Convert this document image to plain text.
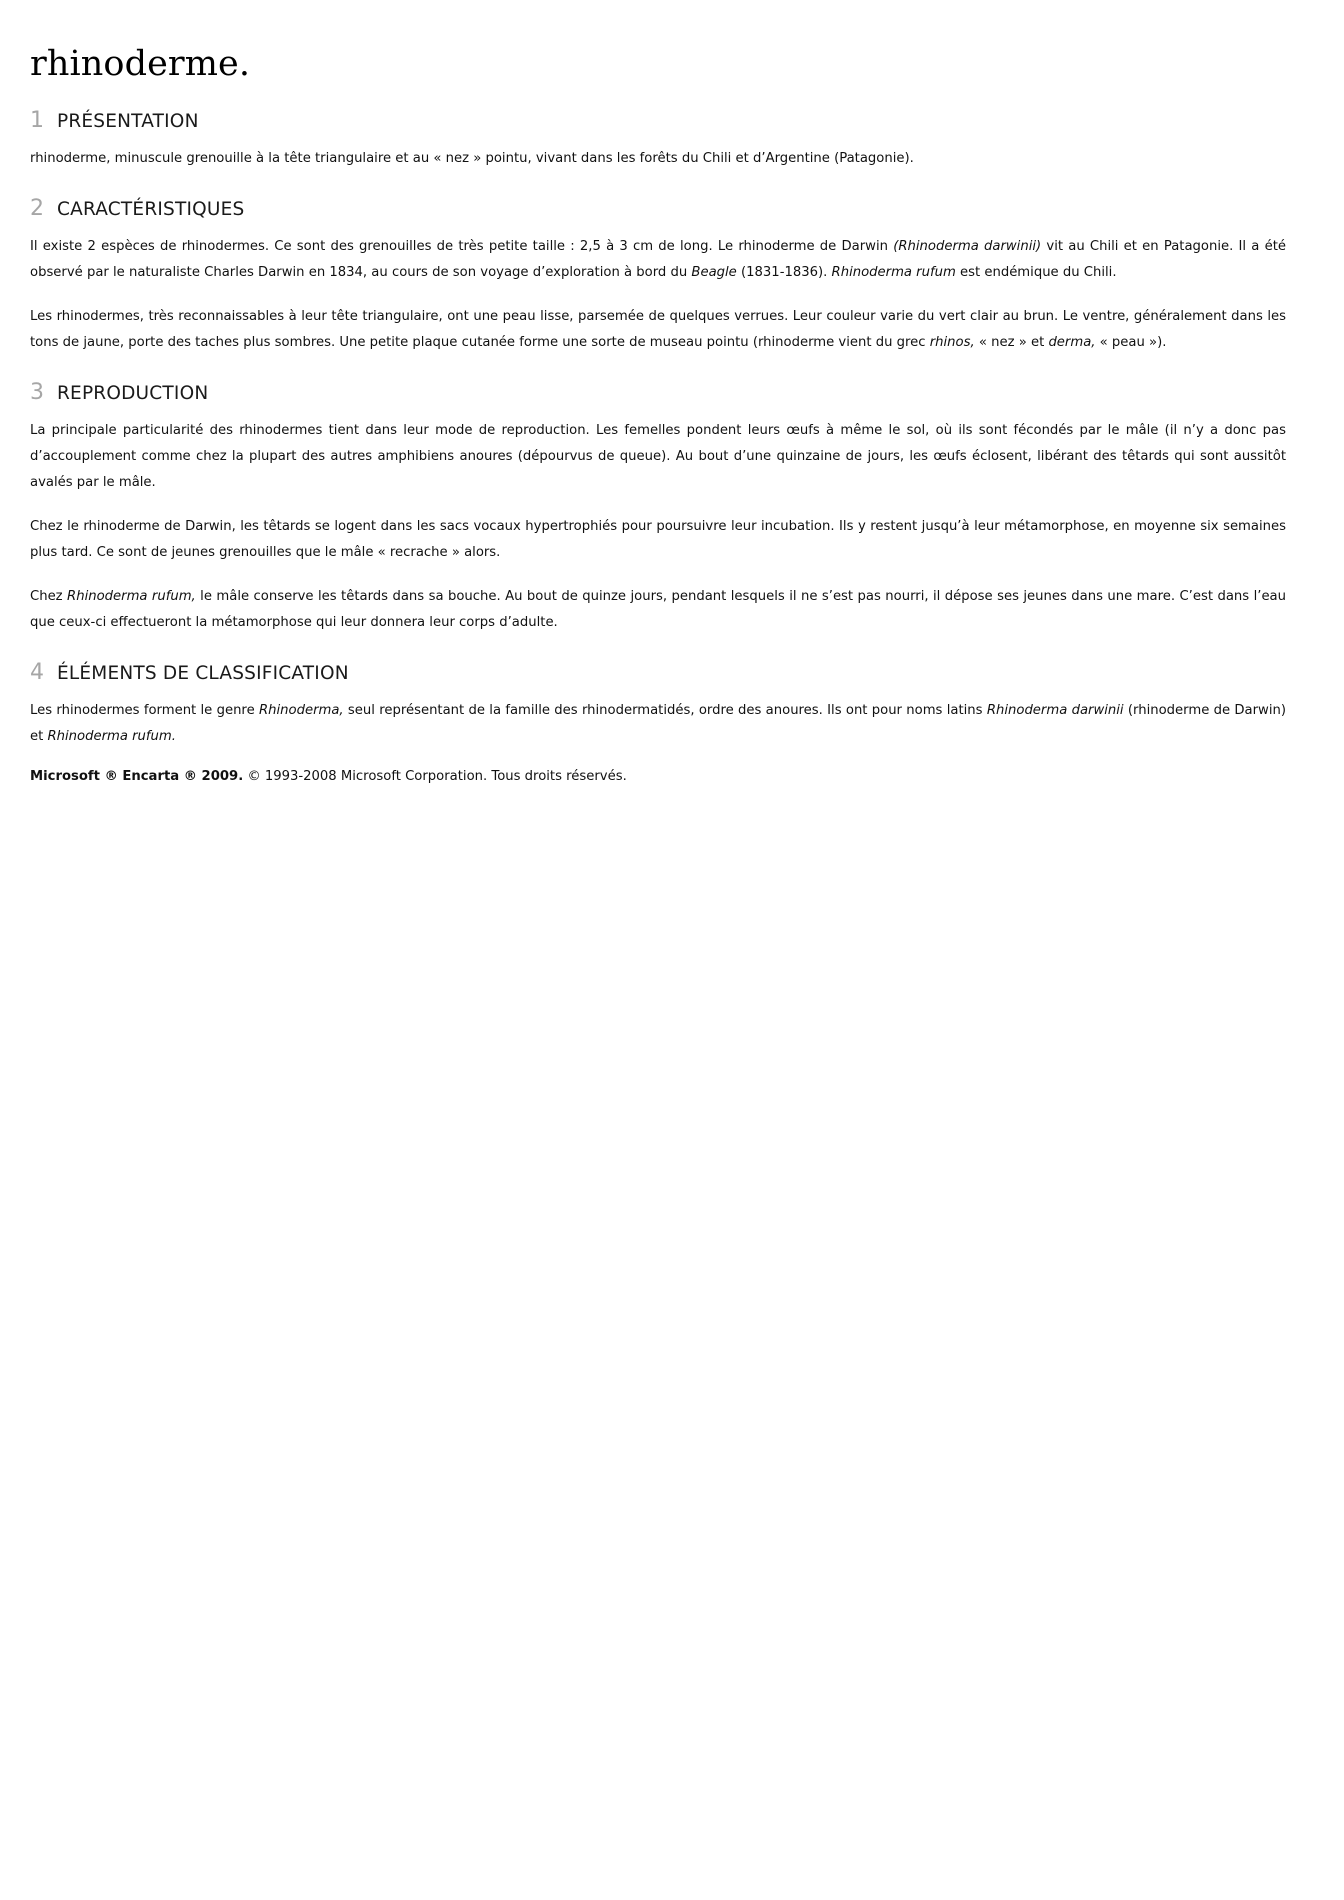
rhinoderme.
1 PRÉSENTATION

rhinoderme, minuscule grenouille à la tête triangulaire et au « nez » pointu, vivant dans les forêts du Chili et d’Argentine (Patagonie).

2 CARACTÉRISTIQUES

Il existe 2 espèces de rhinodermes. Ce sont des grenouilles de très petite taille : 2,5 à 3 cm de long. Le rhinoderme de Darwin (Rhinoderma darwinii) vit au Chili et en Patagonie. Il a été observé par le naturaliste Charles Darwin en 1834, au cours de son voyage d’exploration à bord du Beagle (1831-1836). Rhinoderma rufum est endémique du Chili.

Les rhinodermes, très reconnaissables à leur tête triangulaire, ont une peau lisse, parsemée de quelques verrues. Leur couleur varie du vert clair au brun. Le ventre, généralement dans les tons de jaune, porte des taches plus sombres. Une petite plaque cutanée forme une sorte de museau pointu (rhinoderme vient du grec rhinos, « nez » et derma, « peau »).

3 REPRODUCTION

La principale particularité des rhinodermes tient dans leur mode de reproduction. Les femelles pondent leurs œufs à même le sol, où ils sont fécondés par le mâle (il n’y a donc pas d’accouplement comme chez la plupart des autres amphibiens anoures (dépourvus de queue). Au bout d’une quinzaine de jours, les œufs éclosent, libérant des têtards qui sont aussitôt avalés par le mâle.

Chez le rhinoderme de Darwin, les têtards se logent dans les sacs vocaux hypertrophiés pour poursuivre leur incubation. Ils y restent jusqu’à leur métamorphose, en moyenne six semaines plus tard. Ce sont de jeunes grenouilles que le mâle « recrache » alors.

Chez Rhinoderma rufum, le mâle conserve les têtards dans sa bouche. Au bout de quinze jours, pendant lesquels il ne s’est pas nourri, il dépose ses jeunes dans une mare. C’est dans l’eau que ceux-ci effectueront la métamorphose qui leur donnera leur corps d’adulte.

4 ÉLÉMENTS DE CLASSIFICATION

Les rhinodermes forment le genre Rhinoderma, seul représentant de la famille des rhinodermatidés, ordre des anoures. Ils ont pour noms latins Rhinoderma darwinii (rhinoderme de Darwin) et Rhinoderma rufum.

Microsoft ® Encarta ® 2009. © 1993-2008 Microsoft Corporation. Tous droits réservés.
